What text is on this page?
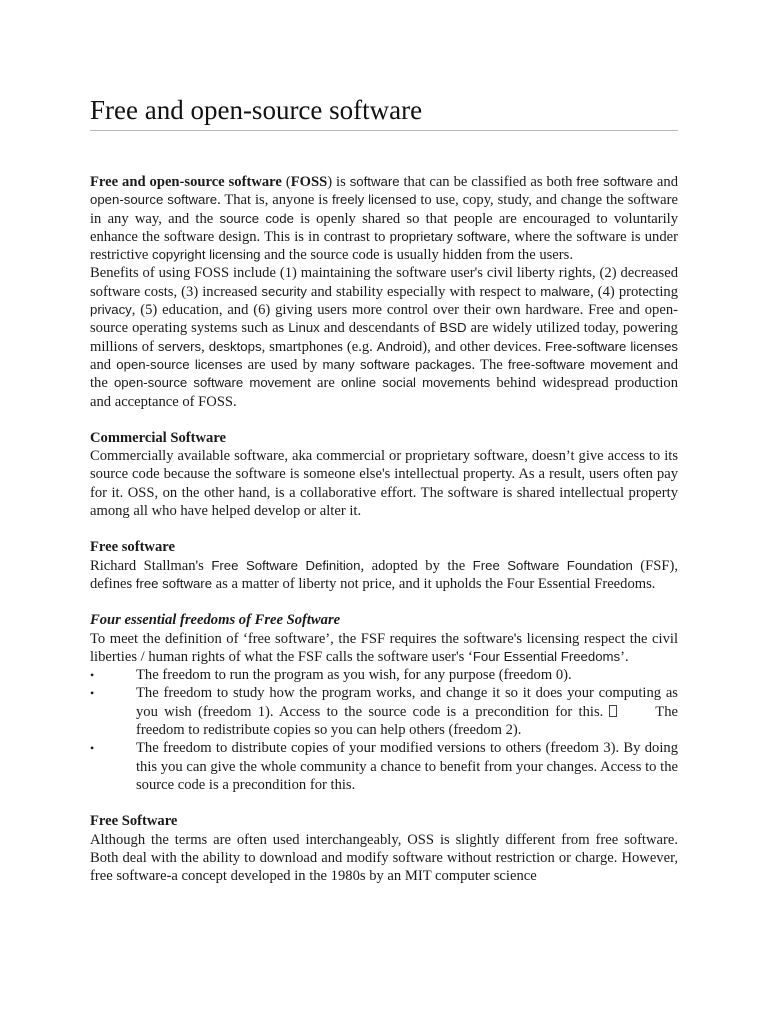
Free and open-source software

Free and open-source software (FOSS) is software that can be classified as both free software and open-source software. That is, anyone is freely licensed to use, copy, study, and change the software in any way, and the source code is openly shared so that people are encouraged to voluntarily enhance the software design. This is in contrast to proprietary software, where the software is under restrictive copyright licensing and the source code is usually hidden from the users.

Benefits of using FOSS include (1) maintaining the software user's civil liberty rights, (2) decreased software costs, (3) increased security and stability especially with respect to malware, (4) protecting privacy, (5) education, and (6) giving users more control over their own hardware. Free and open-source operating systems such as Linux and descendants of BSD are widely utilized today, powering millions of servers, desktops, smartphones (e.g. Android), and other devices. Free-software licenses and open-source licenses are used by many software packages. The free-software movement and the open-source software movement are online social movements behind widespread production and acceptance of FOSS.

Commercial Software

Commercially available software, aka commercial or proprietary software, doesn’t give access to its source code because the software is someone else's intellectual property. As a result, users often pay for it. OSS, on the other hand, is a collaborative effort. The software is shared intellectual property among all who have helped develop or alter it.

Free software

Richard Stallman's Free Software Definition, adopted by the Free Software Foundation (FSF), defines free software as a matter of liberty not price, and it upholds the Four Essential Freedoms.

Four essential freedoms of Free Software

To meet the definition of ‘free software’, the FSF requires the software's licensing respect the civil liberties / human rights of what the FSF calls the software user's ‘Four Essential Freedoms’.

•	The freedom to run the program as you wish, for any purpose (freedom 0).
•	The freedom to study how the program works, and change it so it does your computing as you wish (freedom 1). Access to the source code is a precondition for this.	The freedom to redistribute copies so you can help others (freedom 2).
•	The freedom to distribute copies of your modified versions to others (freedom 3). By doing this you can give the whole community a chance to benefit from your changes. Access to the source code is a precondition for this.
Free Software

Although the terms are often used interchangeably, OSS is slightly different from free software. Both deal with the ability to download and modify software without restriction or charge. However, free software-a concept developed in the 1980s by an MIT computer science
